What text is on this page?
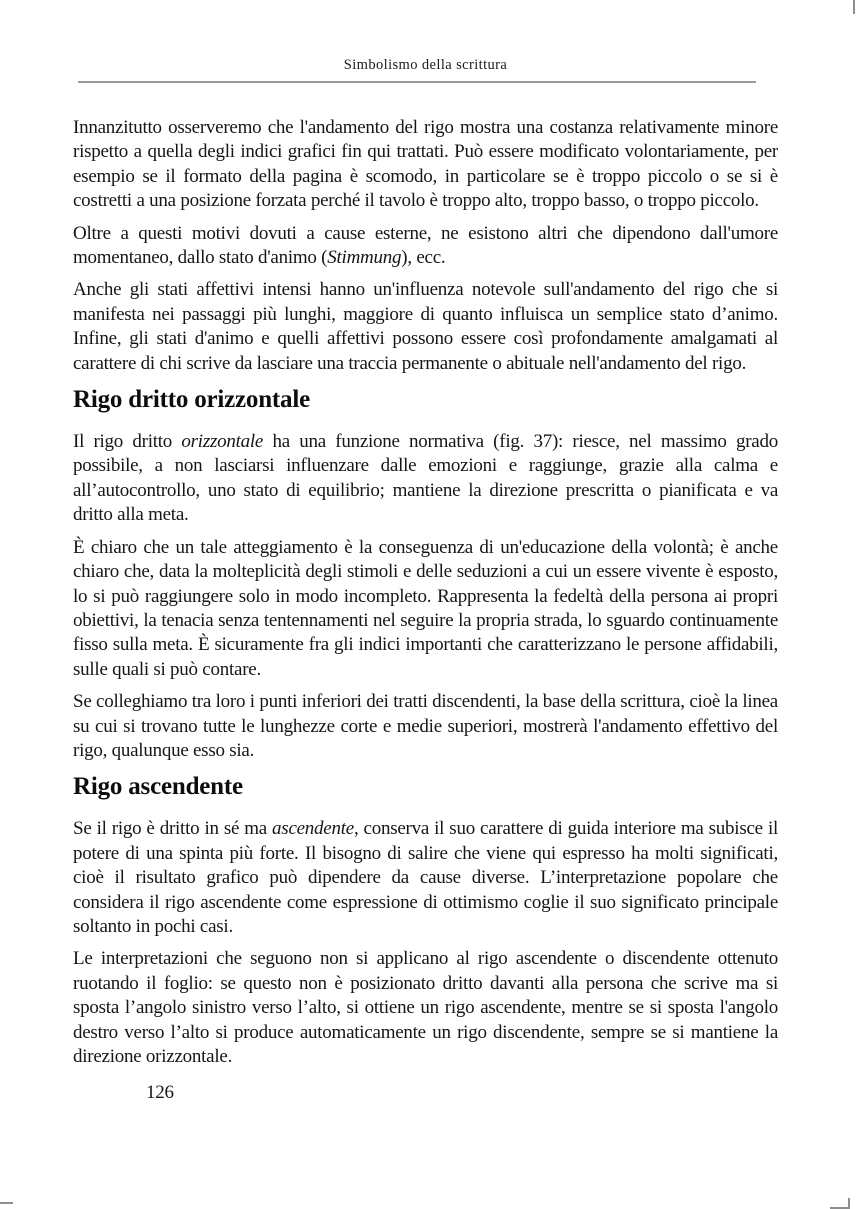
Simbolismo della scrittura

Innanzitutto osserveremo che l'andamento del rigo mostra una costanza relativamente minore rispetto a quella degli indici grafici fin qui trattati. Può essere modificato volontariamente, per esempio se il formato della pagina è scomodo, in particolare se è troppo piccolo o se si è costretti a una posizione forzata perché il tavolo è troppo alto, troppo basso, o troppo piccolo.

Oltre a questi motivi dovuti a cause esterne, ne esistono altri che dipendono dall'umore momentaneo, dallo stato d'animo (Stimmung), ecc.

Anche gli stati affettivi intensi hanno un'influenza notevole sull'andamento del rigo che si manifesta nei passaggi più lunghi, maggiore di quanto influisca un semplice stato d’animo. Infine, gli stati d'animo e quelli affettivi possono essere così profondamente amalgamati al carattere di chi scrive da lasciare una traccia permanente o abituale nell'andamento del rigo.

Rigo dritto orizzontale

Il rigo dritto orizzontale ha una funzione normativa (fig. 37): riesce, nel massimo grado possibile, a non lasciarsi influenzare dalle emozioni e raggiunge, grazie alla calma e all’autocontrollo, uno stato di equilibrio; mantiene la direzione prescritta o pianificata e va dritto alla meta.

È chiaro che un tale atteggiamento è la conseguenza di un'educazione della volontà; è anche chiaro che, data la molteplicità degli stimoli e delle seduzioni a cui un essere vivente è esposto, lo si può raggiungere solo in modo incompleto. Rappresenta la fedeltà della persona ai propri obiettivi, la tenacia senza tentennamenti nel seguire la propria strada, lo sguardo continuamente fisso sulla meta. È sicuramente fra gli indici importanti che caratterizzano le persone affidabili, sulle quali si può contare.

Se colleghiamo tra loro i punti inferiori dei tratti discendenti, la base della scrittura, cioè la linea su cui si trovano tutte le lunghezze corte e medie superiori, mostrerà l'andamento effettivo del rigo, qualunque esso sia.

Rigo ascendente

Se il rigo è dritto in sé ma ascendente, conserva il suo carattere di guida interiore ma subisce il potere di una spinta più forte. Il bisogno di salire che viene qui espresso ha molti significati, cioè il risultato grafico può dipendere da cause diverse. L’interpretazione popolare che considera il rigo ascendente come espressione di ottimismo coglie il suo significato principale soltanto in pochi casi.

Le interpretazioni che seguono non si applicano al rigo ascendente o discendente ottenuto ruotando il foglio: se questo non è posizionato dritto davanti alla persona che scrive ma si sposta l’angolo sinistro verso l’alto, si ottiene un rigo ascendente, mentre se si sposta l'angolo destro verso l’alto si produce automaticamente un rigo discendente, sempre se si mantiene la direzione orizzontale.

126
